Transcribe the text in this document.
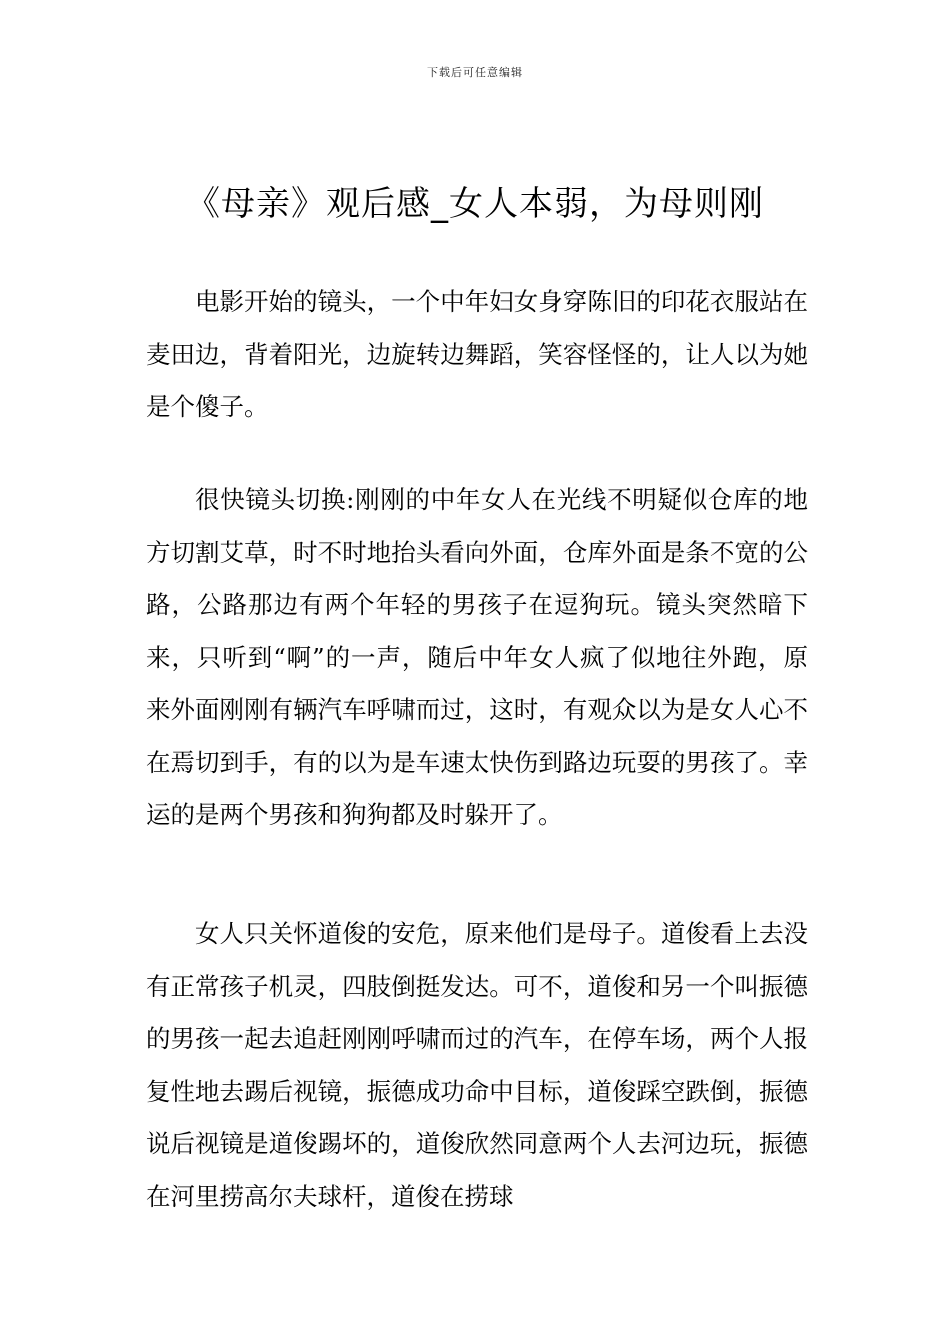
下载后可任意编辑
《母亲》观后感_女人本弱，为母则刚

电影开始的镜头，一个中年妇女身穿陈旧的印花衣服站在麦田边，背着阳光，边旋转边舞蹈，笑容怪怪的，让人以为她是个傻子。

很快镜头切换:刚刚的中年女人在光线不明疑似仓库的地方切割艾草，时不时地抬头看向外面，仓库外面是条不宽的公路，公路那边有两个年轻的男孩子在逗狗玩。镜头突然暗下来，只听到“啊”的一声，随后中年女人疯了似地往外跑，原来外面刚刚有辆汽车呼啸而过，这时，有观众以为是女人心不在焉切到手，有的以为是车速太快伤到路边玩耍的男孩了。幸运的是两个男孩和狗狗都及时躲开了。

女人只关怀道俊的安危，原来他们是母子。道俊看上去没有正常孩子机灵，四肢倒挺发达。可不，道俊和另一个叫振德的男孩一起去追赶刚刚呼啸而过的汽车，在停车场，两个人报复性地去踢后视镜，振德成功命中目标，道俊踩空跌倒，振德说后视镜是道俊踢坏的，道俊欣然同意两个人去河边玩，振德在河里捞高尔夫球杆，道俊在捞球
